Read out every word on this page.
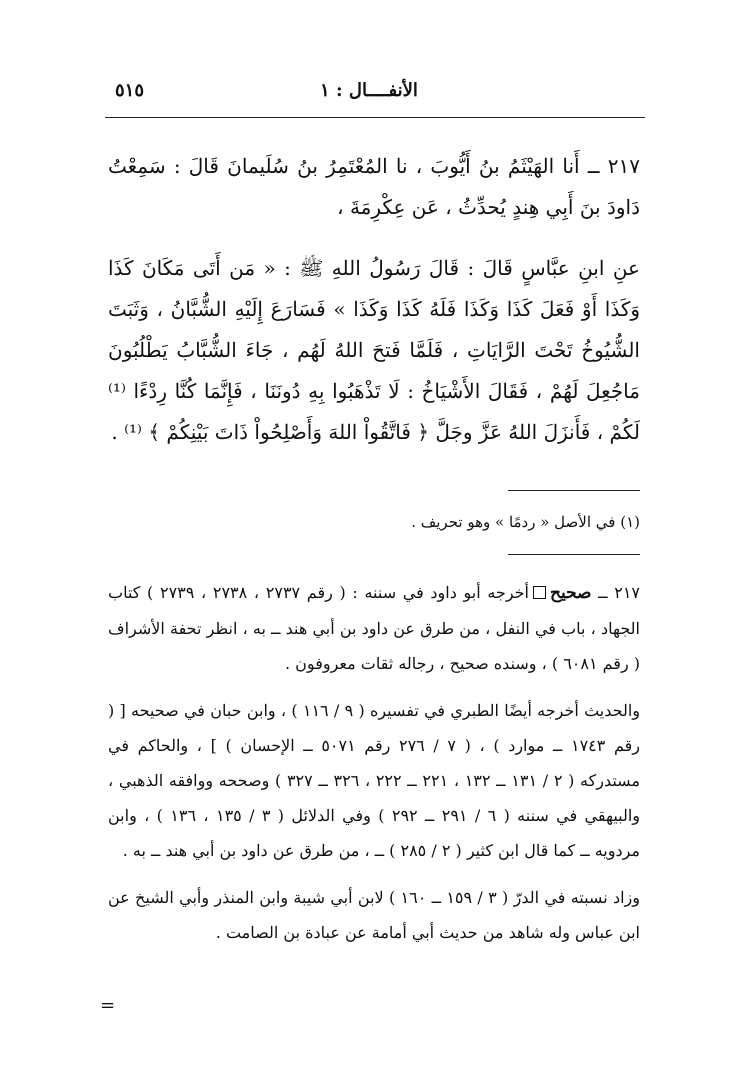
الأنفــــال : ١
٥١٥

٢١٧ ــ أَنا الهَيْثَمُ بنُ أَيُّوبَ ، نا المُعْتَمِرُ بنُ سُلَيمانَ قَالَ : سَمِعْتُ دَاودَ بنَ أَبِي هِندٍ يُحدِّثُ ، عَن عِكْرِمَةَ ،

عنِ ابنِ عبَّاسٍ قَالَ : قَالَ رَسُولُ اللهِ ﷺ : « مَن أَتَى مَكَانَ كَذَا وَكَذَا أَوْ فَعَلَ كَذَا وَكَذَا فَلَهُ كَذَا وَكَذَا » فَسَارَعَ إِلَيْهِ الشُّبَّانُ ، وَثَبَتَ الشُّيُوخُ تَحْتَ الرَّايَاتِ ، فَلَمَّا فَتحَ اللهُ لَهُم ، جَاءَ الشُّبَّابُ يَطْلُبُونَ مَاجُعِلَ لَهُمْ ، فَقَالَ الأَشْيَاخُ : لَا تَذْهَبُوا بِهِ دُونَنَا ، فَإِنَّمَا كُنَّا رِدْءًا ⁽¹⁾ لَكُمْ ، فَأَنزَلَ اللهُ عَزَّ وجَلَّ ﴿ فَاتَّقُواْ اللهَ وَأَصْلِحُواْ ذَاتَ بَيْنِكُمْ ﴾ ⁽¹⁾ .

(١) في الأصل « ردمًا » وهو تحريف .

٢١٧ ــ صحيحأخرجه أبو داود في سننه : ( رقم ٢٧٣٧ ، ٢٧٣٨ ، ٢٧٣٩ ) كتاب الجهاد ، باب في النفل ، من طرق عن داود بن أبي هند ــ به ، انظر تحفة الأشراف ( رقم ٦٠٨١ ) ، وسنده صحيح ، رجاله ثقات معروفون .

والحديث أخرجه أيضًا الطبري في تفسيره ( ٩ / ١١٦ ) ، وابن حبان في صحيحه [ ( رقم ١٧٤٣ ــ موارد ) ، ( ٧ / ٢٧٦ رقم ٥٠٧١ ــ الإحسان ) ] ، والحاكم في مستدركه ( ٢ / ١٣١ ــ ١٣٢ ، ٢٢١ ــ ٢٢٢ ، ٣٢٦ ــ ٣٢٧ ) وصححه ووافقه الذهبي ، والبيهقي في سننه ( ٦ / ٢٩١ ــ ٢٩٢ ) وفي الدلائل ( ٣ / ١٣٥ ، ١٣٦ ) ، وابن مردويه ــ كما قال ابن كثير ( ٢ / ٢٨٥ ) ــ ، من طرق عن داود بن أبي هند ــ به .

وزاد نسبته في الدرّ ( ٣ / ١٥٩ ــ ١٦٠ ) لابن أبي شيبة وابن المنذر وأبي الشيخ عن ابن عباس وله شاهد من حديث أبي أمامة عن عبادة بن الصامت .

=
